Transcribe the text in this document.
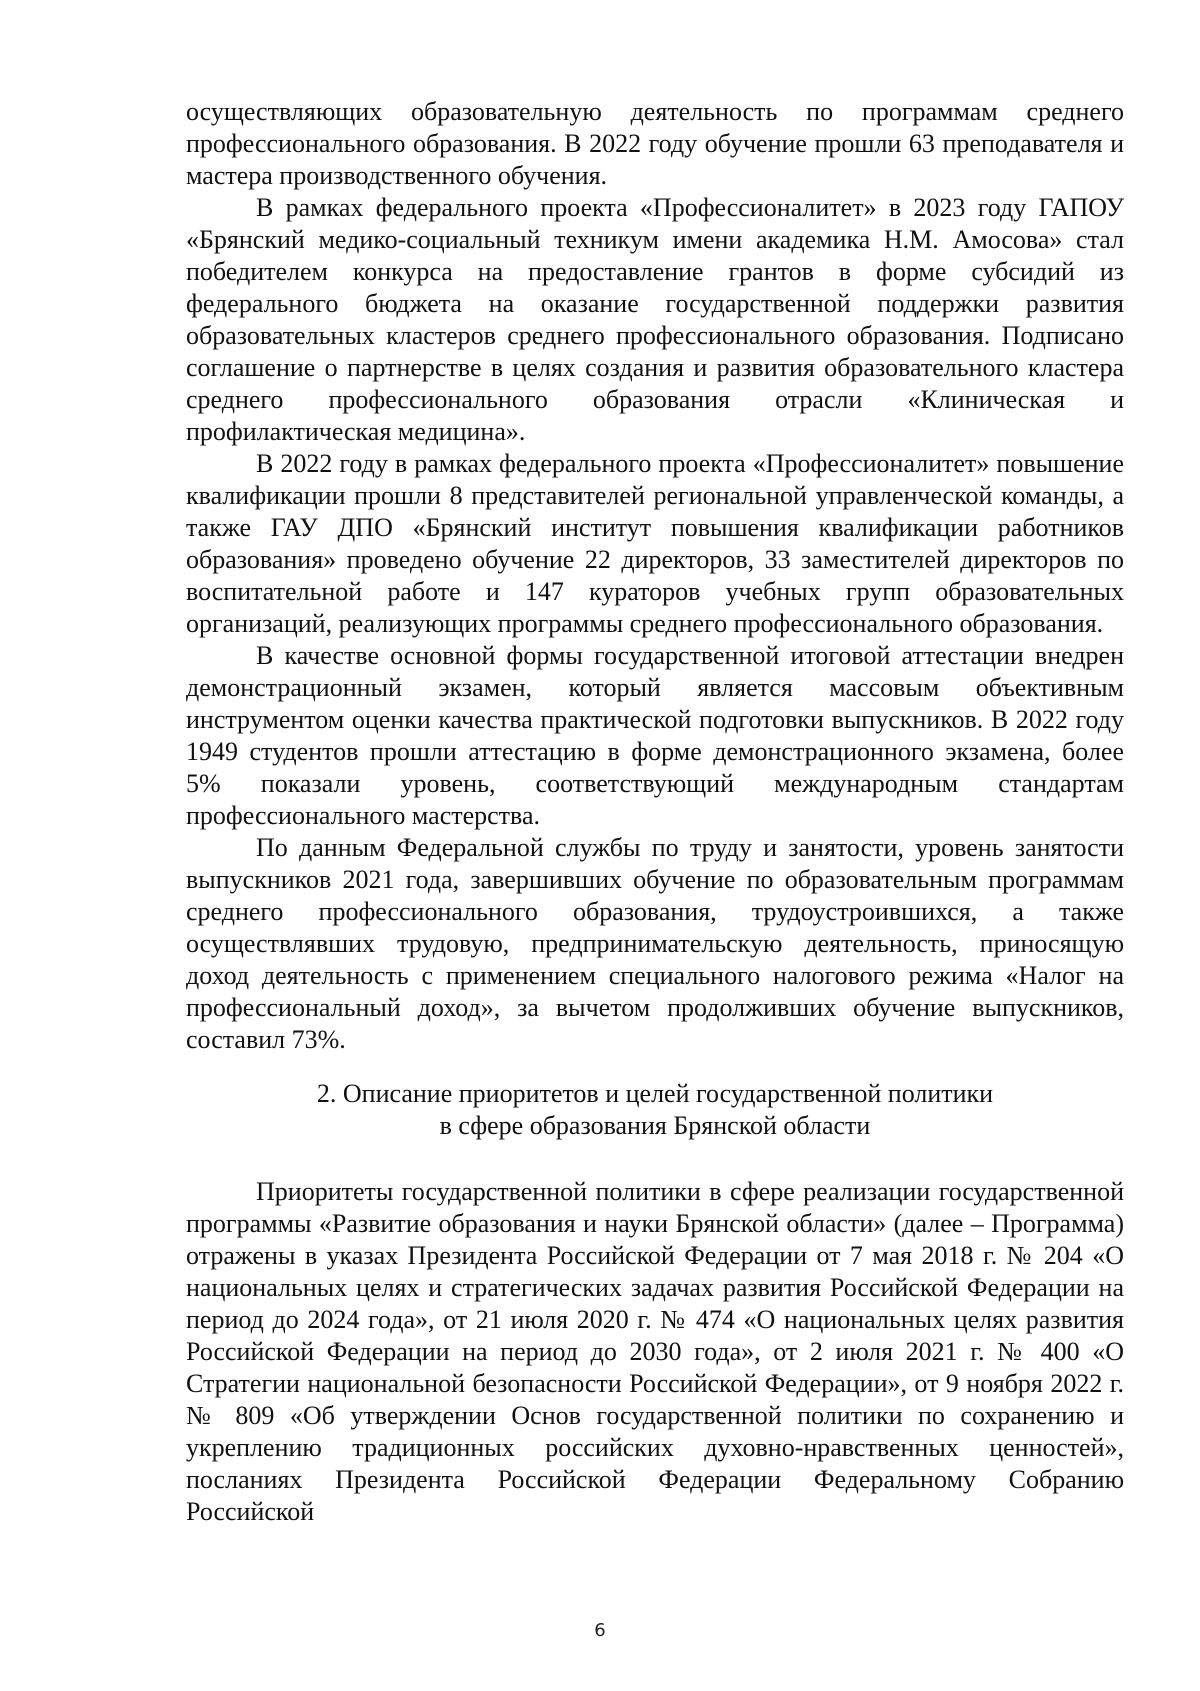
осуществляющих образовательную деятельность по программам среднего профессионального образования. В 2022 году обучение прошли 63 преподавателя и мастера производственного обучения.

В рамках федерального проекта «Профессионалитет» в 2023 году ГАПОУ «Брянский медико-социальный техникум имени академика Н.М. Амосова» стал победителем конкурса на предоставление грантов в форме субсидий из федерального бюджета на оказание государственной поддержки развития образовательных кластеров среднего профессионального образования. Подписано соглашение о партнерстве в целях создания и развития образовательного кластера среднего профессионального образования отрасли «Клиническая и профилактическая медицина».

В 2022 году в рамках федерального проекта «Профессионалитет» повышение квалификации прошли 8 представителей региональной управленческой команды, а также ГАУ ДПО «Брянский институт повышения квалификации работников образования» проведено обучение 22 директоров, 33 заместителей директоров по воспитательной работе и 147 кураторов учебных групп образовательных организаций, реализующих программы среднего профессионального образования.

В качестве основной формы государственной итоговой аттестации внедрен демонстрационный экзамен, который является массовым объективным инструментом оценки качества практической подготовки выпускников. В 2022 году 1949 студентов прошли аттестацию в форме демонстрационного экзамена, более 5% показали уровень, соответствующий международным стандартам профессионального мастерства.

По данным Федеральной службы по труду и занятости, уровень занятости выпускников 2021 года, завершивших обучение по образовательным программам среднего профессионального образования, трудоустроившихся, а также осуществлявших трудовую, предпринимательскую деятельность, приносящую доход деятельность с применением специального налогового режима «Налог на профессиональный доход», за вычетом продолживших обучение выпускников, составил 73%.

2. Описание приоритетов и целей государственной политики
в сфере образования Брянской области

Приоритеты государственной политики в сфере реализации государственной программы «Развитие образования и науки Брянской области» (далее – Программа) отражены в указах Президента Российской Федерации от 7 мая 2018 г. № 204 «О национальных целях и стратегических задачах развития Российской Федерации на период до 2024 года», от 21 июля 2020 г. № 474 «О национальных целях развития Российской Федерации на период до 2030 года», от 2 июля 2021 г. № 400 «О Стратегии национальной безопасности Российской Федерации», от 9 ноября 2022 г. № 809 «Об утверждении Основ государственной политики по сохранению и укреплению традиционных российских духовно-нравственных ценностей», посланиях Президента Российской Федерации Федеральному Собранию Российской

6
